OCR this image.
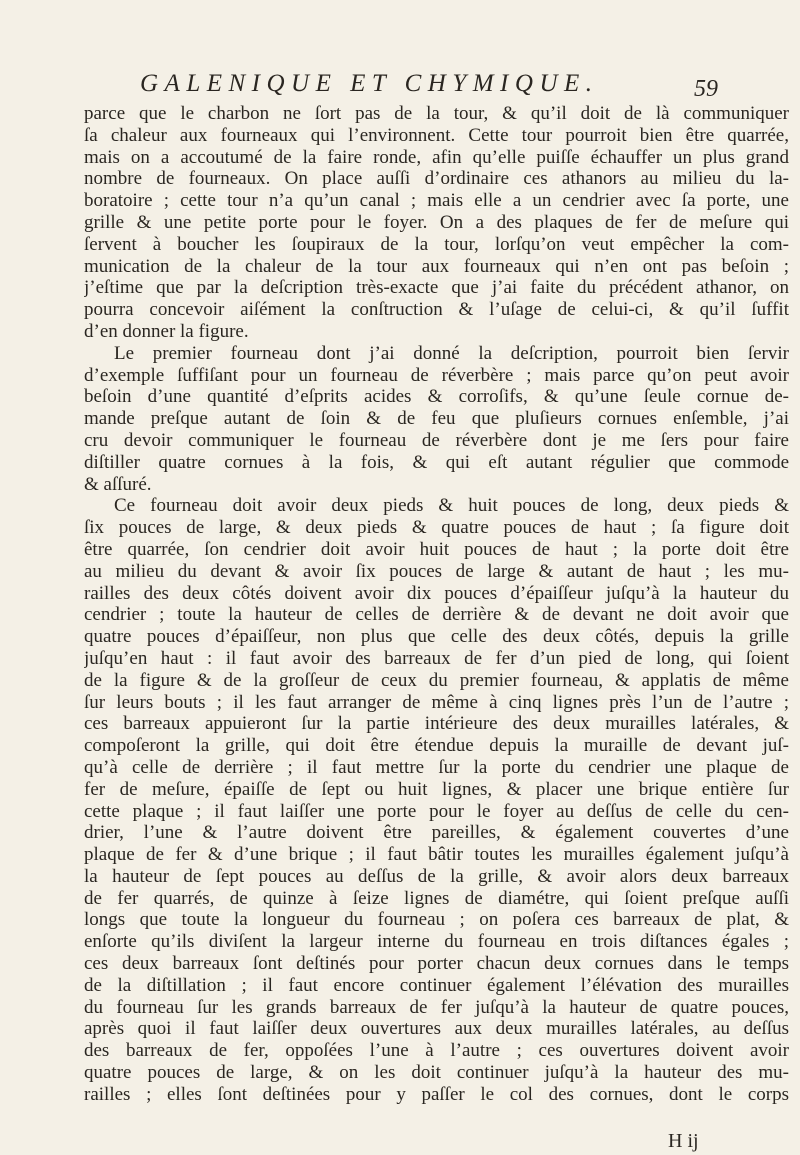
GALENIQUE ET CHYMIQUE.	59
parce que le charbon ne ſort pas de la tour, & qu’il doit de là communiquer
ſa chaleur aux fourneaux qui l’environnent. Cette tour pourroit bien être quarrée,
mais on a accoutumé de la faire ronde, afin qu’elle puiſſe échauffer un plus grand
nombre de fourneaux. On place auſſi d’ordinaire ces athanors au milieu du la-
boratoire ; cette tour n’a qu’un canal ; mais elle a un cendrier avec ſa porte, une
grille & une petite porte pour le foyer. On a des plaques de fer de meſure qui
ſervent à boucher les ſoupiraux de la tour, lorſqu’on veut empêcher la com-
munication de la chaleur de la tour aux fourneaux qui n’en ont pas beſoin ;
j’eſtime que par la deſcription très-exacte que j’ai faite du précédent athanor, on
pourra concevoir aiſément la conſtruction & l’uſage de celui-ci, & qu’il ſuffit
d’en donner la figure.
Le premier fourneau dont j’ai donné la deſcription, pourroit bien ſervir
d’exemple ſuffiſant pour un fourneau de réverbère ; mais parce qu’on peut avoir
beſoin d’une quantité d’eſprits acides & corroſifs, & qu’une ſeule cornue de-
mande preſque autant de ſoin & de feu que pluſieurs cornues enſemble, j’ai
cru devoir communiquer le fourneau de réverbère dont je me ſers pour faire
diſtiller quatre cornues à la fois, & qui eſt autant régulier que commode
& aſſuré.
Ce fourneau doit avoir deux pieds & huit pouces de long, deux pieds &
ſix pouces de large, & deux pieds & quatre pouces de haut ; ſa figure doit
être quarrée, ſon cendrier doit avoir huit pouces de haut ; la porte doit être
au milieu du devant & avoir ſix pouces de large & autant de haut ; les mu-
railles des deux côtés doivent avoir dix pouces d’épaiſſeur juſqu’à la hauteur du
cendrier ; toute la hauteur de celles de derrière & de devant ne doit avoir que
quatre pouces d’épaiſſeur, non plus que celle des deux côtés, depuis la grille
juſqu’en haut : il faut avoir des barreaux de fer d’un pied de long, qui ſoient
de la figure & de la groſſeur de ceux du premier fourneau, & applatis de même
ſur leurs bouts ; il les faut arranger de même à cinq lignes près l’un de l’autre ;
ces barreaux appuieront ſur la partie intérieure des deux murailles latérales, &
compoſeront la grille, qui doit être étendue depuis la muraille de devant juſ-
qu’à celle de derrière ; il faut mettre ſur la porte du cendrier une plaque de
fer de meſure, épaiſſe de ſept ou huit lignes, & placer une brique entière ſur
cette plaque ; il faut laiſſer une porte pour le foyer au deſſus de celle du cen-
drier, l’une & l’autre doivent être pareilles, & également couvertes d’une
plaque de fer & d’une brique ; il faut bâtir toutes les murailles également juſqu’à
la hauteur de ſept pouces au deſſus de la grille, & avoir alors deux barreaux
de fer quarrés, de quinze à ſeize lignes de diamétre, qui ſoient preſque auſſi
longs que toute la longueur du fourneau ; on poſera ces barreaux de plat, &
enſorte qu’ils diviſent la largeur interne du fourneau en trois diſtances égales ;
ces deux barreaux ſont deſtinés pour porter chacun deux cornues dans le temps
de la diſtillation ; il faut encore continuer également l’élévation des murailles
du fourneau ſur les grands barreaux de fer juſqu’à la hauteur de quatre pouces,
après quoi il faut laiſſer deux ouvertures aux deux murailles latérales, au deſſus
des barreaux de fer, oppoſées l’une à l’autre ; ces ouvertures doivent avoir
quatre pouces de large, & on les doit continuer juſqu’à la hauteur des mu-
railles ; elles ſont deſtinées pour y paſſer le col des cornues, dont le corps
H ij
